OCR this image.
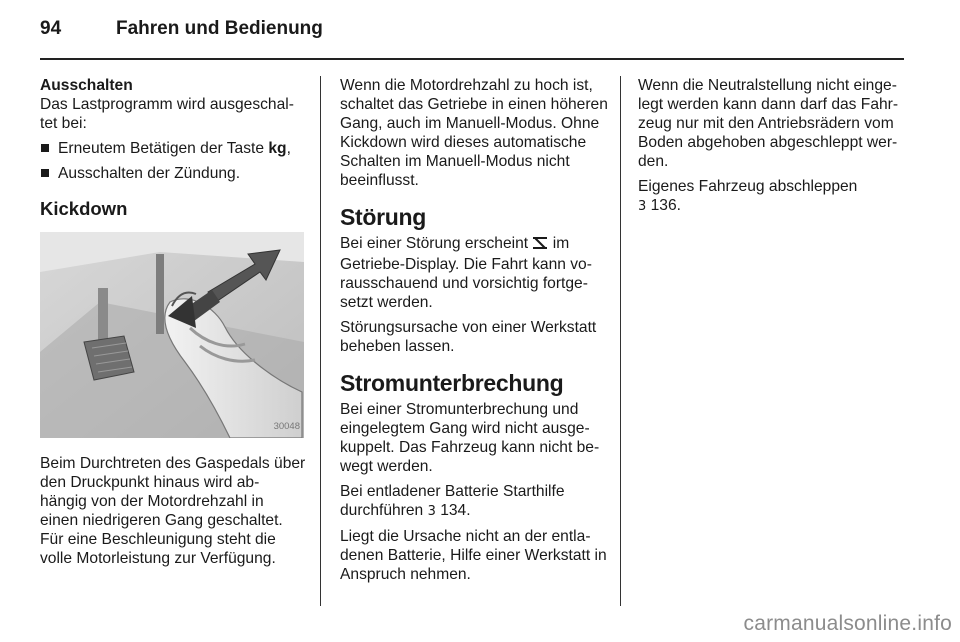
94	Fahren und Bedienung
Ausschalten

Das Lastprogramm wird ausgeschal-tet bei:

Erneutem Betätigen der Taste kg,
Ausschalten der Zündung.
Kickdown
30048

Beim Durchtreten des Gaspedals über den Druckpunkt hinaus wird ab-hängig von der Motordrehzahl in einen niedrigeren Gang geschaltet. Für eine Beschleunigung steht die volle Motorleistung zur Verfügung.

Wenn die Motordrehzahl zu hoch ist, schaltet das Getriebe in einen höheren Gang, auch im Manuell-Modus. Ohne Kickdown wird dieses automatische Schalten im Manuell-Modus nicht beeinflusst.

Störung

Bei einer Störung erscheint  im Getriebe-Display. Die Fahrt kann vo-rausschauend und vorsichtig fortge-setzt werden.

Störungsursache von einer Werkstatt beheben lassen.

Stromunterbrechung

Bei einer Stromunterbrechung und eingelegtem Gang wird nicht ausge-kuppelt. Das Fahrzeug kann nicht be-wegt werden.

Bei entladener Batterie Starthilfe durchführen 3 134.

Liegt die Ursache nicht an der entla-denen Batterie, Hilfe einer Werkstatt in Anspruch nehmen.

Wenn die Neutralstellung nicht einge-legt werden kann dann darf das Fahr-zeug nur mit den Antriebsrädern vom Boden abgehoben abgeschleppt wer-den.

Eigenes Fahrzeug abschleppen
3 136.

carmanualsonline.info
